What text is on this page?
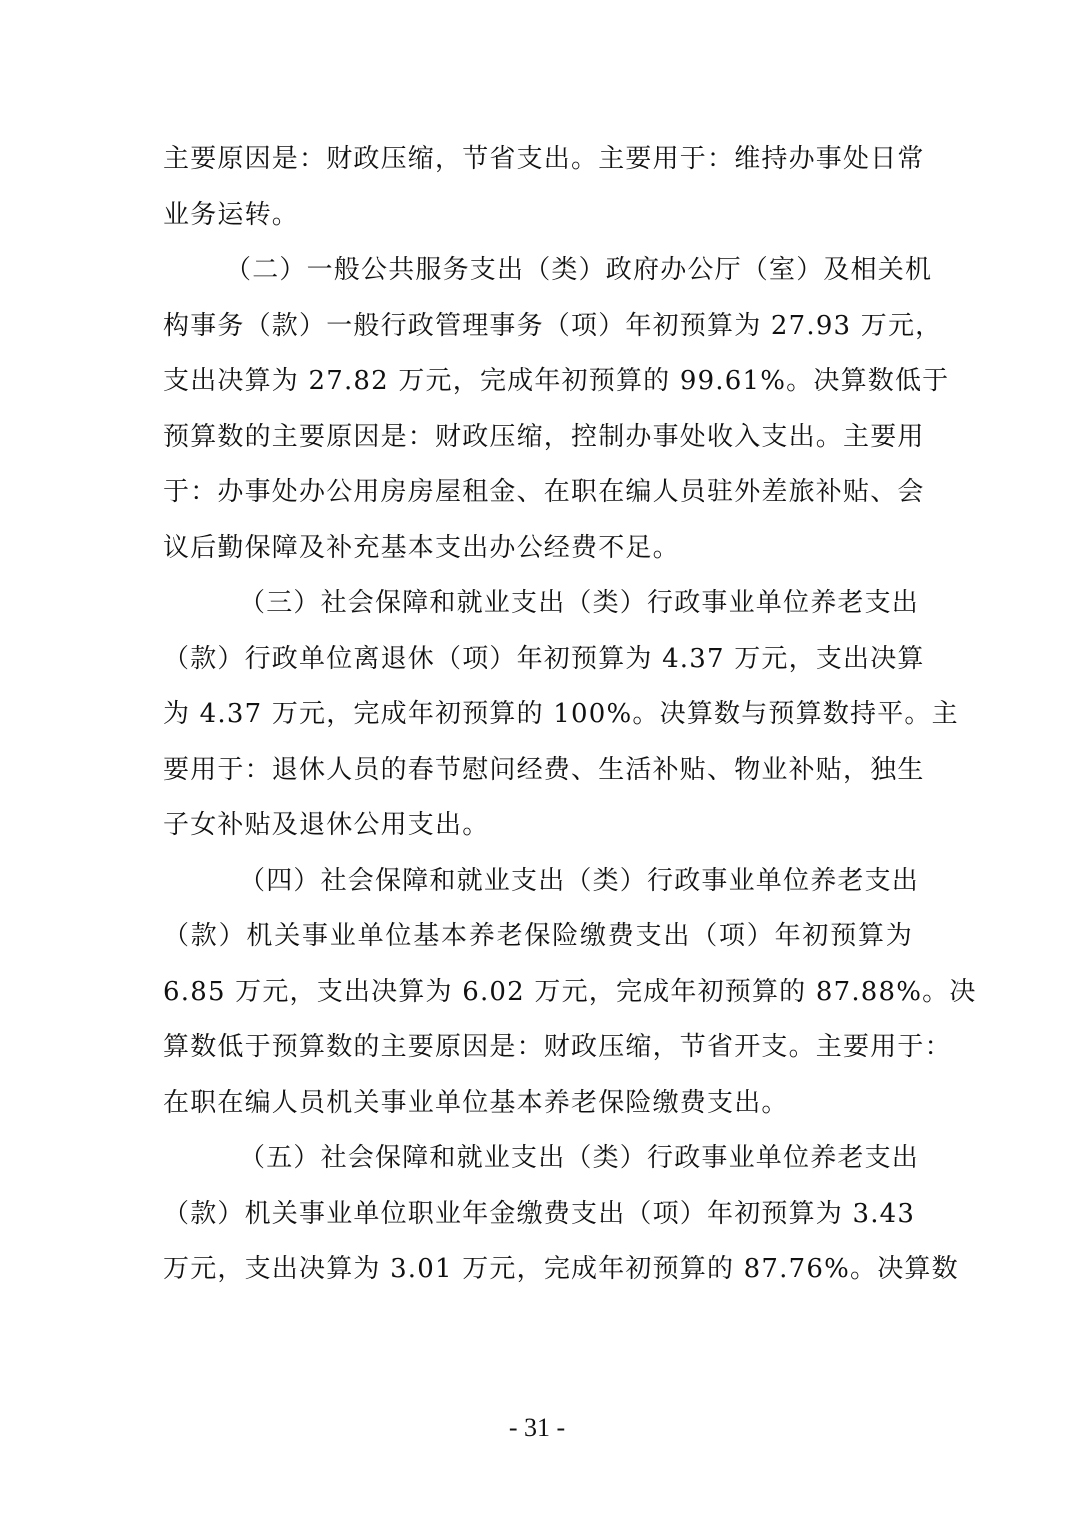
主要原因是：财政压缩，节省支出。主要用于：维持办事处日常
业务运转。
（二）一般公共服务支出（类）政府办公厅（室）及相关机
构事务（款）一般行政管理事务（项）年初预算为 27.93 万元，
支出决算为 27.82 万元，完成年初预算的 99.61%。决算数低于
预算数的主要原因是：财政压缩，控制办事处收入支出。主要用
于：办事处办公用房房屋租金、在职在编人员驻外差旅补贴、会
议后勤保障及补充基本支出办公经费不足。
（三）社会保障和就业支出（类）行政事业单位养老支出
（款）行政单位离退休（项）年初预算为 4.37 万元，支出决算
为 4.37 万元，完成年初预算的 100%。决算数与预算数持平。主
要用于：退休人员的春节慰问经费、生活补贴、物业补贴，独生
子女补贴及退休公用支出。
（四）社会保障和就业支出（类）行政事业单位养老支出
（款）机关事业单位基本养老保险缴费支出（项）年初预算为
6.85 万元，支出决算为 6.02 万元，完成年初预算的 87.88%。决
算数低于预算数的主要原因是：财政压缩，节省开支。主要用于：
在职在编人员机关事业单位基本养老保险缴费支出。
（五）社会保障和就业支出（类）行政事业单位养老支出
（款）机关事业单位职业年金缴费支出（项）年初预算为 3.43
万元，支出决算为 3.01 万元，完成年初预算的 87.76%。决算数
- 31 -
